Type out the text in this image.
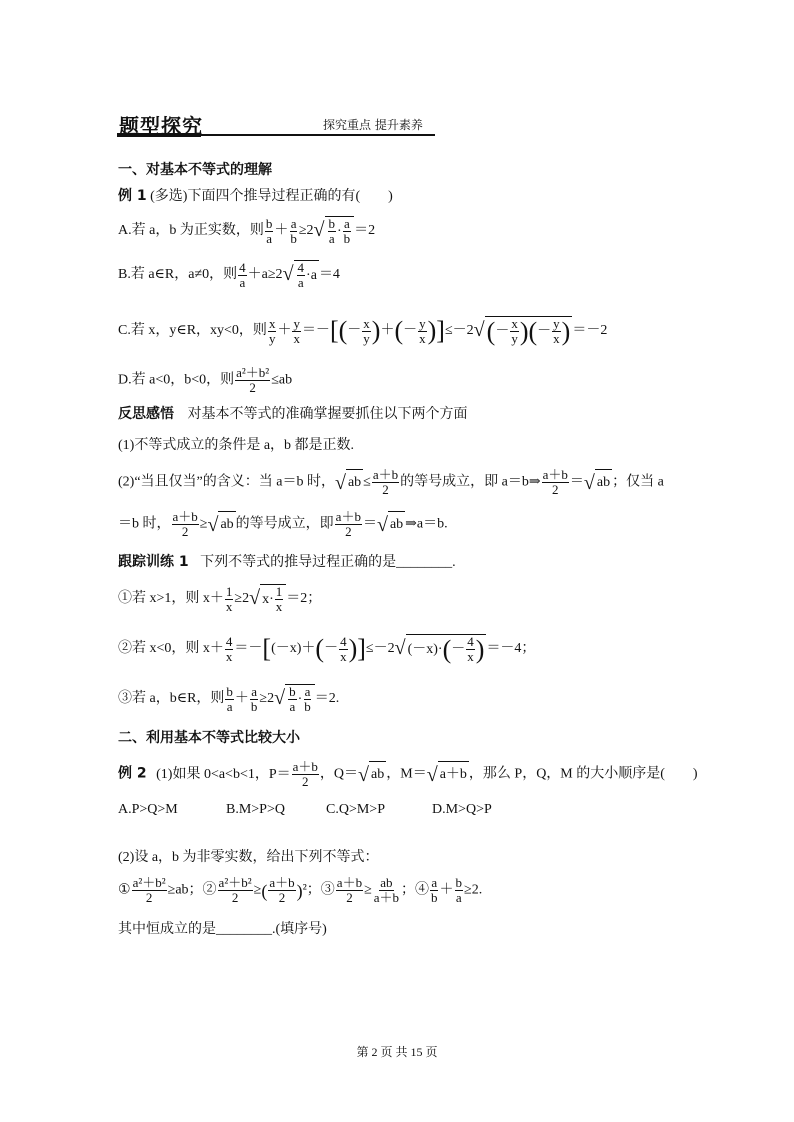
题型探究	探究重点 提升素养
一、对基本不等式的理解
例 1 (多选)下面四个推导过程正确的有(　　)
A.若 a，b 为正实数，则 $\frac{b}{a} + \frac{a}{b} \ge 2$ √ $\frac{b}{a} \cdot \frac{a}{b} =2$
B.若 a∈R，a≠0，则 $\frac{4}{a} +a\ge 2$ √ $\frac{4}{a} \cdot a =4$
C.若 x，y∈R，xy<0，则 $\frac{x}{y} + \frac{y}{x}$ ＝－[(－ $\frac{x}{y}$ )＋(－ $\frac{y}{x} )]\le-2$ √ ( － $\frac{x}{y}$ ) ( － $\frac{y}{x}$ ) ＝－2
D.若 a<0，b<0，则 $\frac{\text{a²＋b²}}{2} \le ab$
反思感悟 对基本不等式的准确掌握要抓住以下两个方面
(1)不等式成立的条件是 a，b 都是正数.
(2)“当且仅当”的含义：当 a＝b 时， √ ab ≤ $\frac{a+b}{2}$ 的等号成立，即 a＝b⇒ $\frac{a+b}{2}$ ＝ √ ab ；仅当 a
＝b 时， $\frac{a+b}{2}$ ≥ √ ab 的等号成立，即 $\frac{a+b}{2}$ ＝ √ ab ⇒a＝b.
跟踪训练 1 下列不等式的推导过程正确的是________.
①若 x>1，则 $x+ \frac{1}{x} \ge 2$ √ $x\cdot \frac{1}{x} =2$；
②若 x<0，则 $x+ \frac{4}{x} =-[(-x)+(- \frac{4}{x} )]\le-2$ √ (－x)· ( － $\frac{4}{x}$ ) ＝－4；
③若 a，b∈R，则 $\frac{b}{a} + \frac{a}{b} \ge 2$ √ $\frac{b}{a} \cdot \frac{a}{b} =2$.
二、利用基本不等式比较大小
例 2 (1)如果 0<a<b<1，$P= \frac{a+b}{2}$ ，Q＝ √ ab ，M＝ √ a＋b ，那么 P，Q，M 的大小顺序是(　　)
A.P>Q>M	B.M>P>Q	C.Q>M>P	D.M>Q>P
(2)设 a，b 为非零实数，给出下列不等式：
① $\frac{\text{a²＋b²}}{2} \ge ab$；② $\frac{\text{a²＋b²}}{2}$ ≥( $\frac{a+b}{2} )^2$；③ $\frac{a+b}{2} \ge \frac{ab}{a+b}$ ；④ $\frac{a}{b} + \frac{b}{a} \ge 2$.
其中恒成立的是________.(填序号)
第 2 页 共 15 页
